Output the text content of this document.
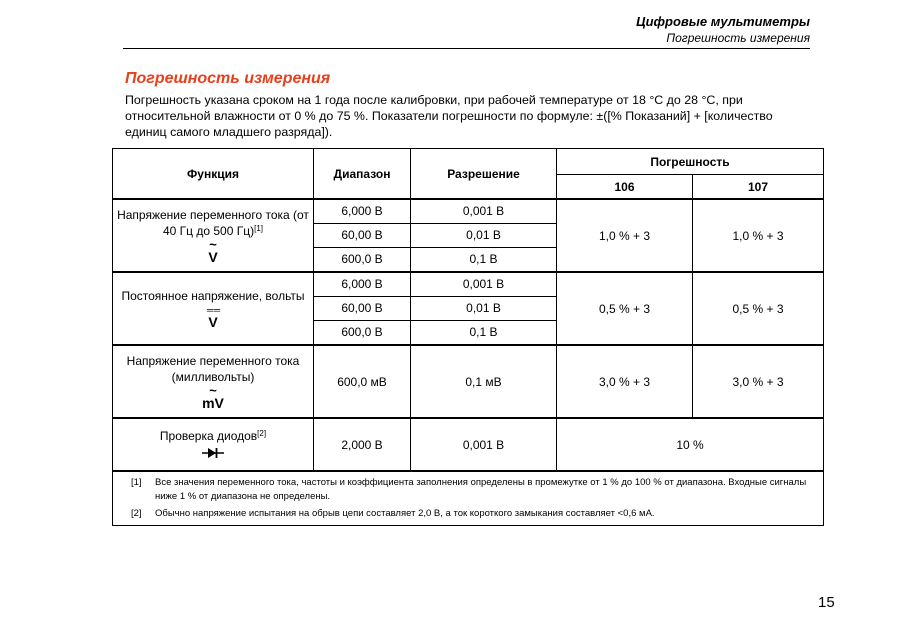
Цифровые мультиметры
Погрешность измерения
Погрешность измерения
Погрешность указана сроком на 1 года после калибровки, при рабочей температуре от 18 °C до 28 °C, при относительной влажности от 0 % до 75 %. Показатели погрешности по формуле: ±([% Показаний] + [количество единиц самого младшего разряда]).
Функция	Диапазон	Разрешение	Погрешность	
			106	107
Напряжение переменного тока (от 40 Гц до 500 Гц)[1]
~
V	6,000 В	0,001 В	1,0 % + 3	1,0 % + 3
	60,00 В	0,01 В		
	600,0 В	0,1 В		
Постоянное напряжение, вольты
═ ═
V	6,000 В	0,001 В	0,5 % + 3	0,5 % + 3
	60,00 В	0,01 В		
	600,0 В	0,1 В		
Напряжение переменного тока (милливольты)
~
mV	600,0 мВ	0,1 мВ	3,0 % + 3	3,0 % + 3
Проверка диодов[2]	2,000 В	0,001 В	10 %	

[1] Все значения переменного тока, частоты и коэффициента заполнения определены в промежутке от 1 % до 100 % от диапазона. Входные сигналы ниже 1 % от диапазона не определены.
[2] Обычно напряжение испытания на обрыв цепи составляет 2,0 В, а ток короткого замыкания составляет <0,6 мА.				
15
